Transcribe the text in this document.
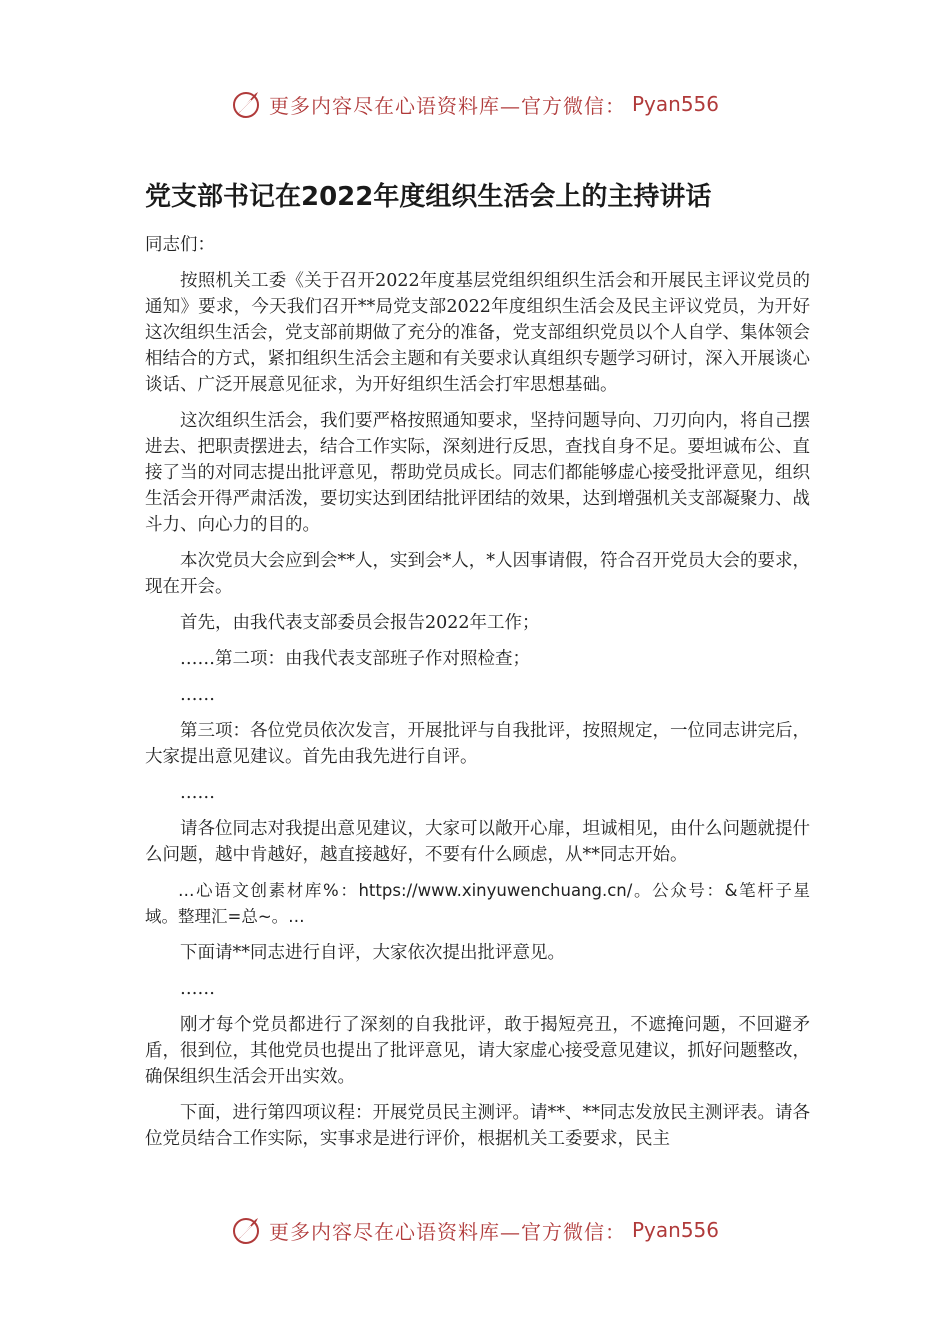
更多内容尽在心语资料库—官方微信： Pyan556
党支部书记在2022年度组织生活会上的主持讲话

同志们：

按照机关工委《关于召开2022年度基层党组织组织生活会和开展民主评议党员的通知》要求，今天我们召开**局党支部2022年度组织生活会及民主评议党员，为开好这次组织生活会，党支部前期做了充分的准备，党支部组织党员以个人自学、集体领会相结合的方式，紧扣组织生活会主题和有关要求认真组织专题学习研讨，深入开展谈心谈话、广泛开展意见征求，为开好组织生活会打牢思想基础。

这次组织生活会，我们要严格按照通知要求，坚持问题导向、刀刃向内，将自己摆进去、把职责摆进去，结合工作实际，深刻进行反思，查找自身不足。要坦诚布公、直接了当的对同志提出批评意见，帮助党员成长。同志们都能够虚心接受批评意见，组织生活会开得严肃活泼，要切实达到团结批评团结的效果，达到增强机关支部凝聚力、战斗力、向心力的目的。

本次党员大会应到会**人，实到会*人，*人因事请假，符合召开党员大会的要求，现在开会。

首先，由我代表支部委员会报告2022年工作；

……第二项：由我代表支部班子作对照检查；

……

第三项：各位党员依次发言，开展批评与自我批评，按照规定，一位同志讲完后，大家提出意见建议。首先由我先进行自评。

……

请各位同志对我提出意见建议，大家可以敞开心扉，坦诚相见，由什么问题就提什么问题，越中肯越好，越直接越好，不要有什么顾虑，从**同志开始。

…心语文创素材库%：https://www.xinyuwenchuang.cn/。公众号：&笔杆子星域。整理汇=总~。…

下面请**同志进行自评，大家依次提出批评意见。

……

刚才每个党员都进行了深刻的自我批评，敢于揭短亮丑，不遮掩问题，不回避矛盾，很到位，其他党员也提出了批评意见，请大家虚心接受意见建议，抓好问题整改，确保组织生活会开出实效。

下面，进行第四项议程：开展党员民主测评。请**、**同志发放民主测评表。请各位党员结合工作实际，实事求是进行评价，根据机关工委要求，民主

更多内容尽在心语资料库—官方微信： Pyan556
